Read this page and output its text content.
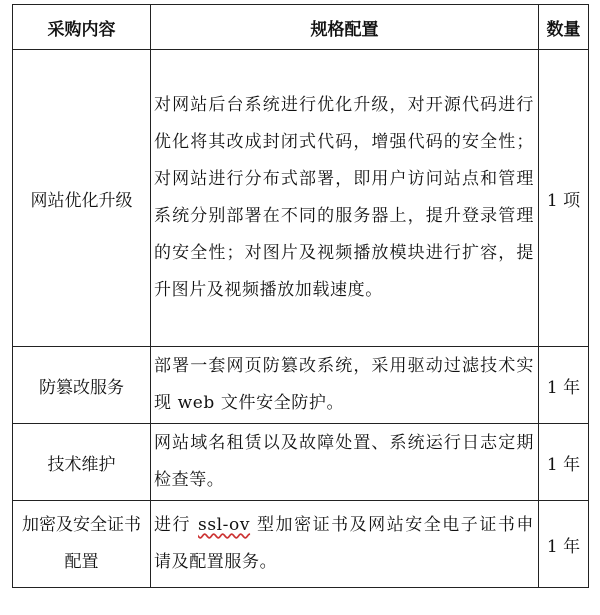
采购内容	规格配置	数量
网站优化升级	对网站后台系统进行优化升级，对开源代码进行优化将其改成封闭式代码，增强代码的安全性；对网站进行分布式部署，即用户访问站点和管理系统分别部署在不同的服务器上，提升登录管理的安全性；对图片及视频播放模块进行扩容，提升图片及视频播放加载速度。	1 项
防篡改服务	部署一套网页防篡改系统，采用驱动过滤技术实现 web 文件安全防护。	1 年
技术维护	网站域名租赁以及故障处置、系统运行日志定期检查等。	1 年
加密及安全证书配置	进行 ssl-ov 型加密证书及网站安全电子证书申请及配置服务。	1 年
